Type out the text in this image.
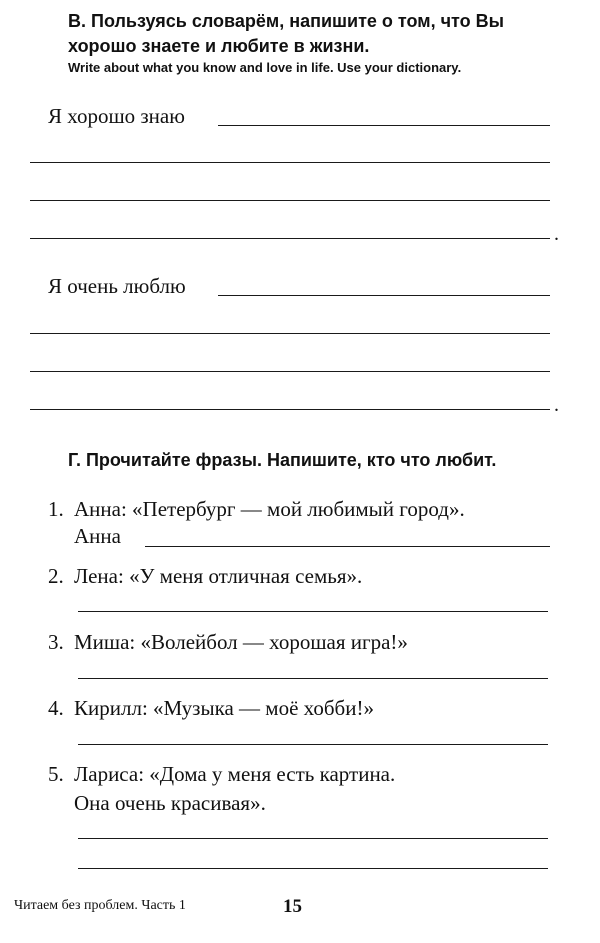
В. Пользуясь словарём, напишите о том, что Вы
хорошо знаете и любите в жизни.
Write about what you know and love in life. Use your dictionary.
Я хорошо знаю
.
Я очень люблю
.
Г. Прочитайте фразы. Напишите, кто что любит.
1. Анна: «Петербург — мой любимый город».
Анна
2. Лена: «У меня отличная семья».
3. Миша: «Волейбол — хорошая игра!»
4. Кирилл: «Музыка — моё хобби!»
5. Лариса: «Дома у меня есть картина.
Она очень красивая».
Читаем без проблем. Часть 1	15
